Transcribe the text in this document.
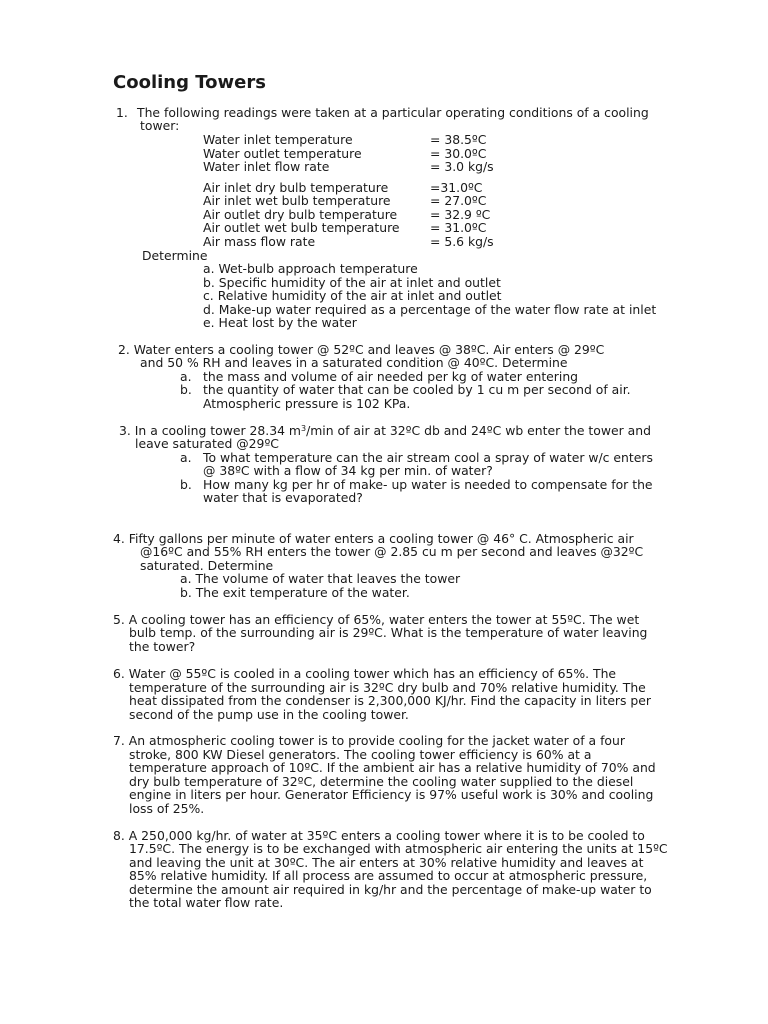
Cooling Towers
1. The following readings were taken at a particular operating conditions of a cooling
tower:
Water inlet temperature	= 38.5ºC
Water outlet temperature	= 30.0ºC
Water inlet flow rate	= 3.0 kg/s
Air inlet dry bulb temperature	=31.0ºC
Air inlet wet bulb temperature	= 27.0ºC
Air outlet dry bulb temperature	= 32.9 ºC
Air outlet wet bulb temperature = 31.0ºC
Air mass flow rate	= 5.6 kg/s
Determine
a. Wet-bulb approach temperature
b. Specific humidity of the air at inlet and outlet
c. Relative humidity of the air at inlet and outlet
d. Make-up water required as a percentage of the water flow rate at inlet
e. Heat lost by the water
2. Water enters a cooling tower @ 52ºC and leaves @ 38ºC. Air enters @ 29ºC
and 50 % RH and leaves in a saturated condition @ 40ºC. Determine
a. the mass and volume of air needed per kg of water entering
b. the quantity of water that can be cooled by 1 cu m per second of air.
Atmospheric pressure is 102 KPa.
3. In a cooling tower 28.34 $m^3/\min$ of air at 32ºC db and 24ºC wb enter the tower and
leave saturated @29ºC
a. To what temperature can the air stream cool a spray of water w/c enters
@ 38ºC with a flow of 34 kg per min. of water?
b. How many kg per hr of make- up water is needed to compensate for the
water that is evaporated?
4. Fifty gallons per minute of water enters a cooling tower @ 46° C. Atmospheric air
@16ºC and 55% RH enters the tower @ 2.85 cu m per second and leaves @32ºC
saturated. Determine
a. The volume of water that leaves the tower
b. The exit temperature of the water.
5. A cooling tower has an efficiency of 65%, water enters the tower at 55ºC. The wet
bulb temp. of the surrounding air is 29ºC. What is the temperature of water leaving
the tower?
6. Water @ 55ºC is cooled in a cooling tower which has an efficiency of 65%. The
temperature of the surrounding air is 32ºC dry bulb and 70% relative humidity. The
heat dissipated from the condenser is 2,300,000 KJ/hr. Find the capacity in liters per
second of the pump use in the cooling tower.
7. An atmospheric cooling tower is to provide cooling for the jacket water of a four
stroke, 800 KW Diesel generators. The cooling tower efficiency is 60% at a
temperature approach of 10ºC. If the ambient air has a relative humidity of 70% and
dry bulb temperature of 32ºC, determine the cooling water supplied to the diesel
engine in liters per hour. Generator Efficiency is 97% useful work is 30% and cooling
loss of 25%.
8. A 250,000 kg/hr. of water at 35ºC enters a cooling tower where it is to be cooled to
17.5ºC. The energy is to be exchanged with atmospheric air entering the units at 15ºC
and leaving the unit at 30ºC. The air enters at 30% relative humidity and leaves at
85% relative humidity. If all process are assumed to occur at atmospheric pressure,
determine the amount air required in kg/hr and the percentage of make-up water to
the total water flow rate.
